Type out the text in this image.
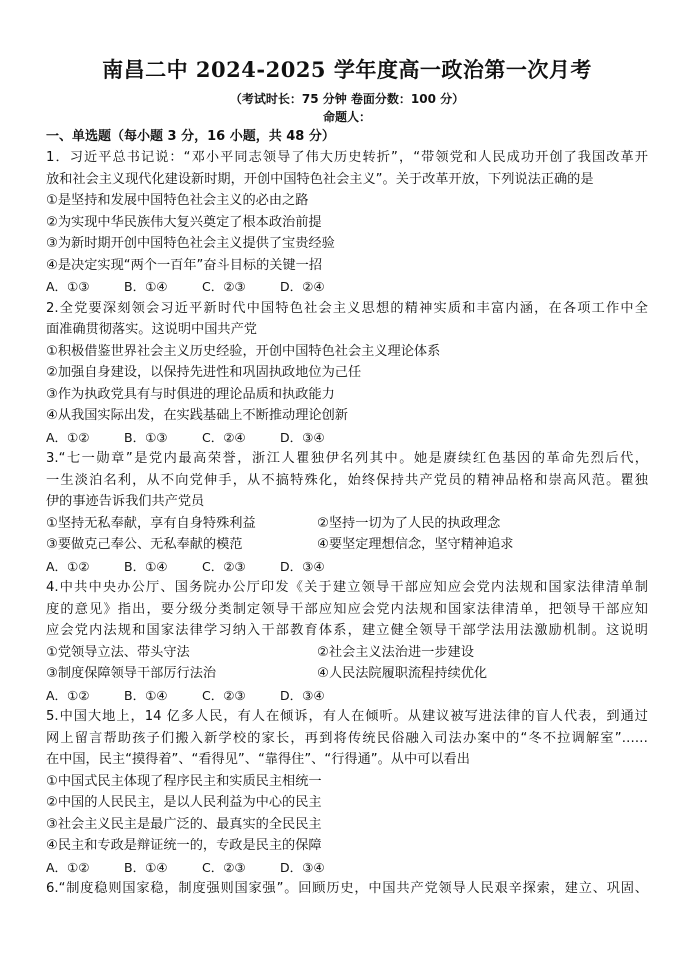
南昌二中 2024-2025 学年度高一政治第一次月考
（考试时长：75 分钟 卷面分数：100 分）
命题人：
一、单选题（每小题 3 分，16 小题，共 48 分）
1．习近平总书记说：“邓小平同志领导了伟大历史转折”，“带领党和人民成功开创了我国改革开
放和社会主义现代化建设新时期，开创中国特色社会主义”。关于改革开放，下列说法正确的是
①是坚持和发展中国特色社会主义的必由之路
②为实现中华民族伟大复兴奠定了根本政治前提
③为新时期开创中国特色社会主义提供了宝贵经验
④是决定实现“两个一百年”奋斗目标的关键一招
A．①③	B．①④	C．②③	D．②④
2.全党要深刻领会习近平新时代中国特色社会主义思想的精神实质和丰富内涵，在各项工作中全
面准确贯彻落实。这说明中国共产党
①积极借鉴世界社会主义历史经验，开创中国特色社会主义理论体系
②加强自身建设，以保持先进性和巩固执政地位为己任
③作为执政党具有与时俱进的理论品质和执政能力
④从我国实际出发，在实践基础上不断推动理论创新
A．①②	B．①③	C．②④	D．③④
3.“七一勋章”是党内最高荣誉，浙江人瞿独伊名列其中。她是赓续红色基因的革命先烈后代，
一生淡泊名利，从不向党伸手，从不搞特殊化，始终保持共产党员的精神品格和崇高风范。瞿独
伊的事迹告诉我们共产党员
①坚持无私奉献，享有自身特殊利益	②坚持一切为了人民的执政理念
③要做克己奉公、无私奉献的模范	④要坚定理想信念，坚守精神追求
A．①②	B．①④	C．②③	D．③④
4.中共中央办公厅、国务院办公厅印发《关于建立领导干部应知应会党内法规和国家法律清单制
度的意见》指出，要分级分类制定领导干部应知应会党内法规和国家法律清单，把领导干部应知
应会党内法规和国家法律学习纳入干部教育体系，建立健全领导干部学法用法激励机制。这说明
①党领导立法、带头守法	②社会主义法治进一步建设
③制度保障领导干部厉行法治	④人民法院履职流程持续优化
A．①②	B．①④	C．②③	D．③④
5.中国大地上，14 亿多人民，有人在倾诉，有人在倾听。从建议被写进法律的盲人代表，到通过
网上留言帮助孩子们搬入新学校的家长，再到将传统民俗融入司法办案中的“冬不拉调解室”……
在中国，民主“摸得着”、“看得见”、“靠得住”、“行得通”。从中可以看出
①中国式民主体现了程序民主和实质民主相统一
②中国的人民民主，是以人民利益为中心的民主
③社会主义民主是最广泛的、最真实的全民民主
④民主和专政是辩证统一的，专政是民主的保障
A．①②	B．①④	C．②③	D．③④
6.“制度稳则国家稳，制度强则国家强”。回顾历史，中国共产党领导人民艰辛探索，建立、巩固、
